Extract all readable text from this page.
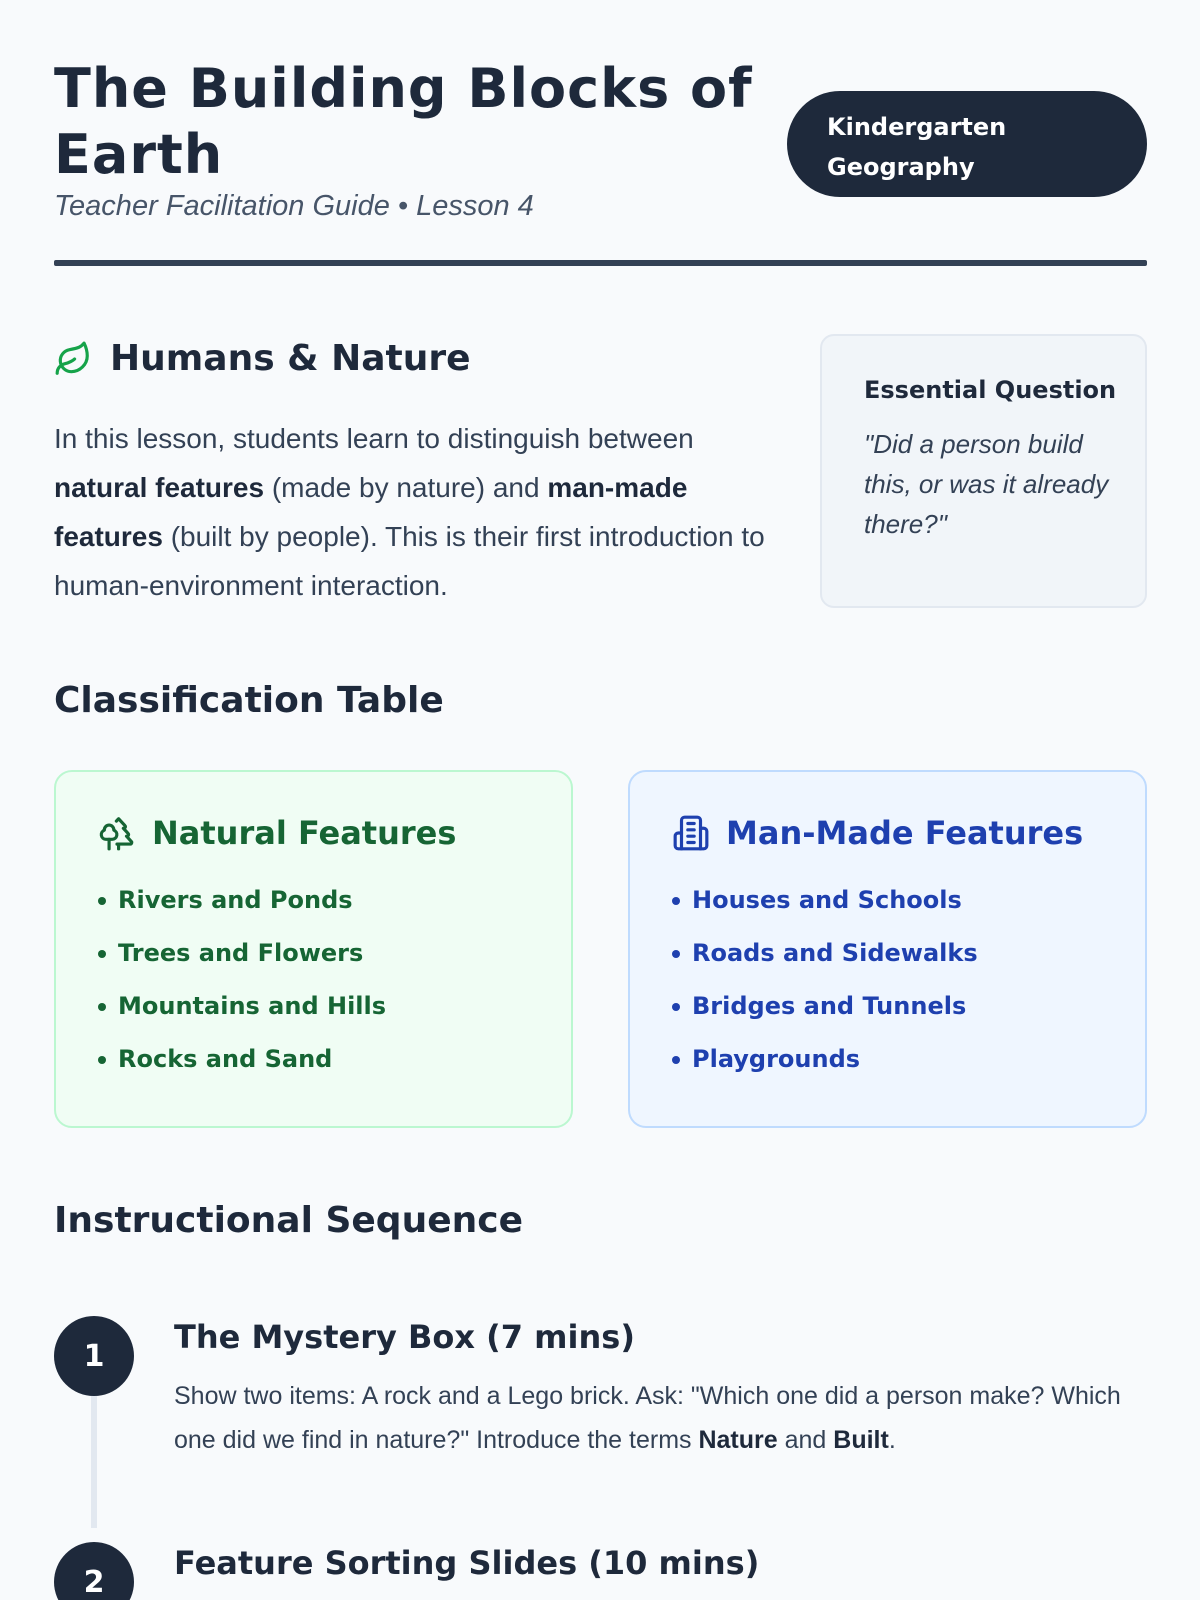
The Building Blocks of Earth
Teacher Facilitation Guide • Lesson 4
Kindergarten
Geography
Humans & Nature
In this lesson, students learn to distinguish between natural features (made by nature) and man-made features (built by people). This is their first introduction to human-environment interaction.
Essential Question
"Did a person build this, or was it already there?"
Classification Table
Natural Features
Rivers and Ponds
Trees and Flowers
Mountains and Hills
Rocks and Sand
Man-Made Features
Houses and Schools
Roads and Sidewalks
Bridges and Tunnels
Playgrounds
Instructional Sequence
1	The Mystery Box (7 mins)
Show two items: A rock and a Lego brick. Ask: "Which one did a person make? Which one did we find in nature?" Introduce the terms Nature and Built.
2	Feature Sorting Slides (10 mins)
